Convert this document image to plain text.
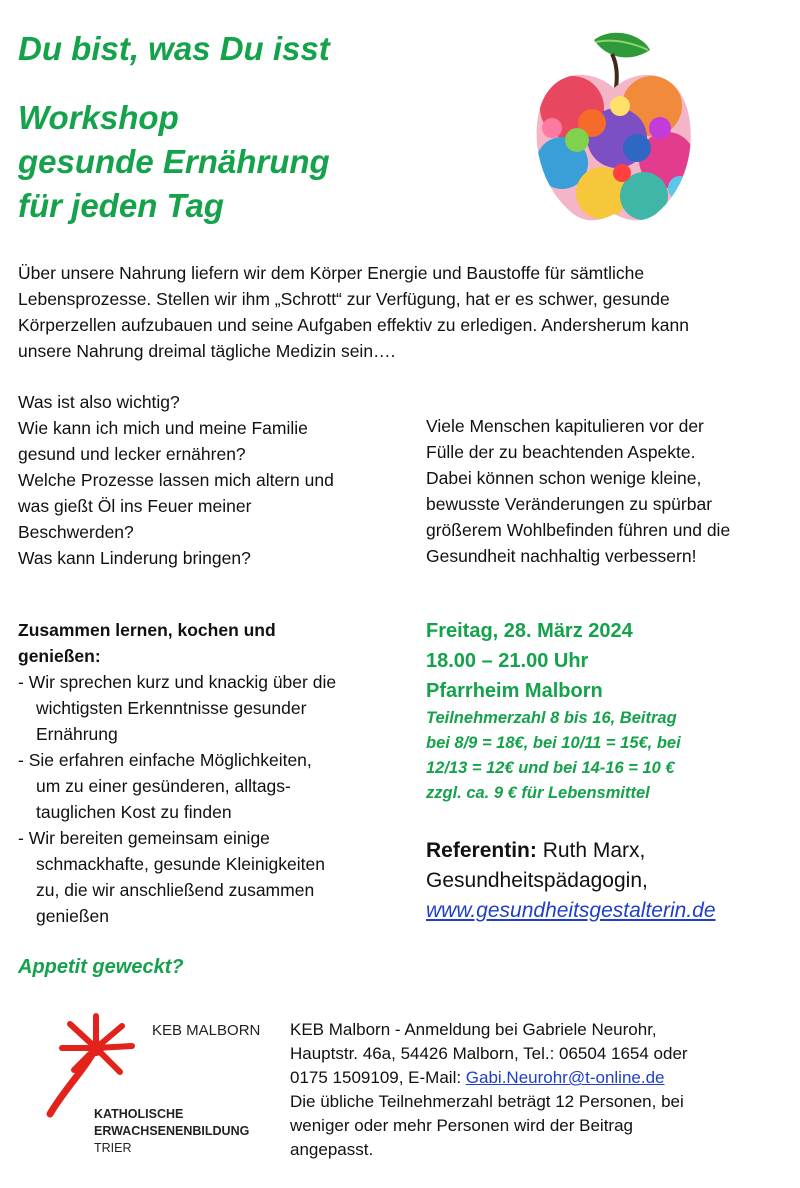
Du bist, was Du isst
Workshop
gesunde Ernährung
für jeden Tag
Über unsere Nahrung liefern wir dem Körper Energie und Baustoffe für sämtliche
Lebensprozesse. Stellen wir ihm „Schrott“ zur Verfügung, hat er es schwer, gesunde
Körperzellen aufzubauen und seine Aufgaben effektiv zu erledigen. Andersherum kann
unsere Nahrung dreimal tägliche Medizin sein….
Was ist also wichtig?
Wie kann ich mich und meine Familie
gesund und lecker ernähren?
Welche Prozesse lassen mich altern und
was gießt Öl ins Feuer meiner
Beschwerden?
Was kann Linderung bringen?
Viele Menschen kapitulieren vor der
Fülle der zu beachtenden Aspekte.
Dabei können schon wenige kleine,
bewusste Veränderungen zu spürbar
größerem Wohlbefinden führen und die
Gesundheit nachhaltig verbessern!
Zusammen lernen, kochen und
genießen:
- Wir sprechen kurz und knackig über die
wichtigsten Erkenntnisse gesunder
Ernährung
- Sie erfahren einfache Möglichkeiten,
um zu einer gesünderen, alltags-
tauglichen Kost zu finden
- Wir bereiten gemeinsam einige
schmackhafte, gesunde Kleinigkeiten
zu, die wir anschließend zusammen
genießen
Freitag, 28. März 2024
18.00 – 21.00 Uhr
Pfarrheim Malborn
Teilnehmerzahl 8 bis 16, Beitrag
bei 8/9 = 18€, bei 10/11 = 15€, bei
12/13 = 12€ und bei 14-16 = 10 €
zzgl. ca. 9 € für Lebensmittel
Referentin: Ruth Marx,
Gesundheitspädagogin,
www.gesundheitsgestalterin.de
Appetit geweckt?
KEB MALBORN
KATHOLISCHE
ERWACHSENENBILDUNG
TRIER
KEB Malborn - Anmeldung bei Gabriele Neurohr,
Hauptstr. 46a, 54426 Malborn, Tel.: 06504 1654 oder
0175 1509109, E-Mail: Gabi.Neurohr@t-online.de
Die übliche Teilnehmerzahl beträgt 12 Personen, bei
weniger oder mehr Personen wird der Beitrag
angepasst.
